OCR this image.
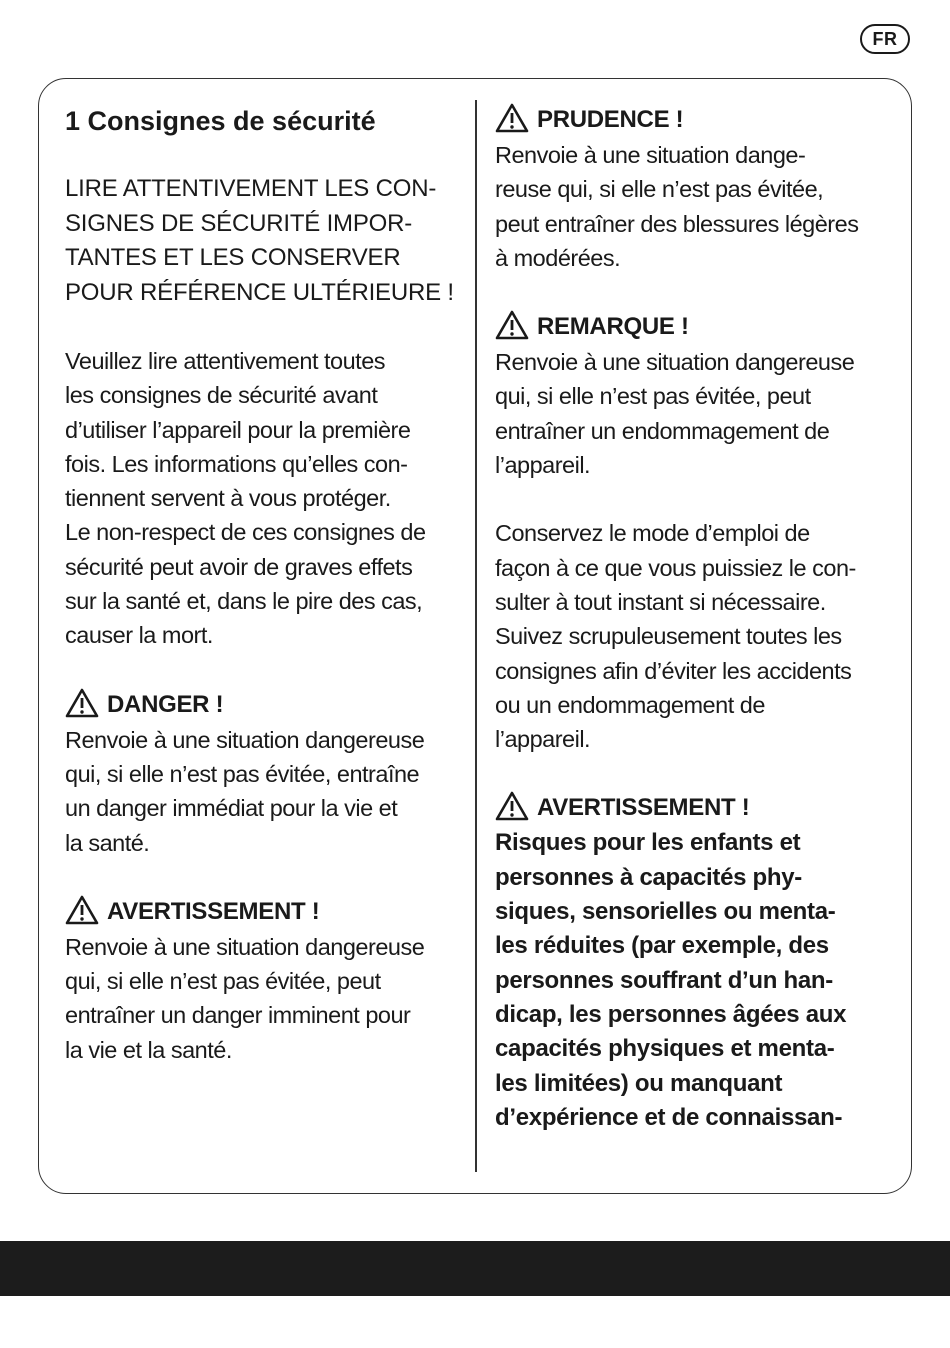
FR
1 Consignes de sécurité

LIRE ATTENTIVEMENT LES CON-

SIGNES DE SÉCURITÉ IMPOR-

TANTES ET LES CONSERVER

POUR RÉFÉRENCE ULTÉRIEURE !

Veuillez lire attentivement toutes

les consignes de sécurité avant

d’utiliser l’appareil pour la première

fois. Les informations qu’elles con-

tiennent servent à vous protéger.

Le non-respect de ces consignes de

sécurité peut avoir de graves effets

sur la santé et, dans le pire des cas,

causer la mort.

DANGER !

Renvoie à une situation dangereuse

qui, si elle n’est pas évitée, entraîne

un danger immédiat pour la vie et

la santé.

AVERTISSEMENT !

Renvoie à une situation dangereuse

qui, si elle n’est pas évitée, peut

entraîner un danger imminent pour

la vie et la santé.

PRUDENCE !

Renvoie à une situation dange-

reuse qui, si elle n’est pas évitée,

peut entraîner des blessures légères

à modérées.

REMARQUE !

Renvoie à une situation dangereuse

qui, si elle n’est pas évitée, peut

entraîner un endommagement de

l’appareil.

Conservez le mode d’emploi de

façon à ce que vous puissiez le con-

sulter à tout instant si nécessaire.

Suivez scrupuleusement toutes les

consignes afin d’éviter les accidents

ou un endommagement de

l’appareil.

AVERTISSEMENT !

Risques pour les enfants et

personnes à capacités phy-

siques, sensorielles ou menta-

les réduites (par exemple, des

personnes souffrant d’un han-

dicap, les personnes âgées aux

capacités physiques et menta-

les limitées) ou manquant

d’expérience et de connaissan-
